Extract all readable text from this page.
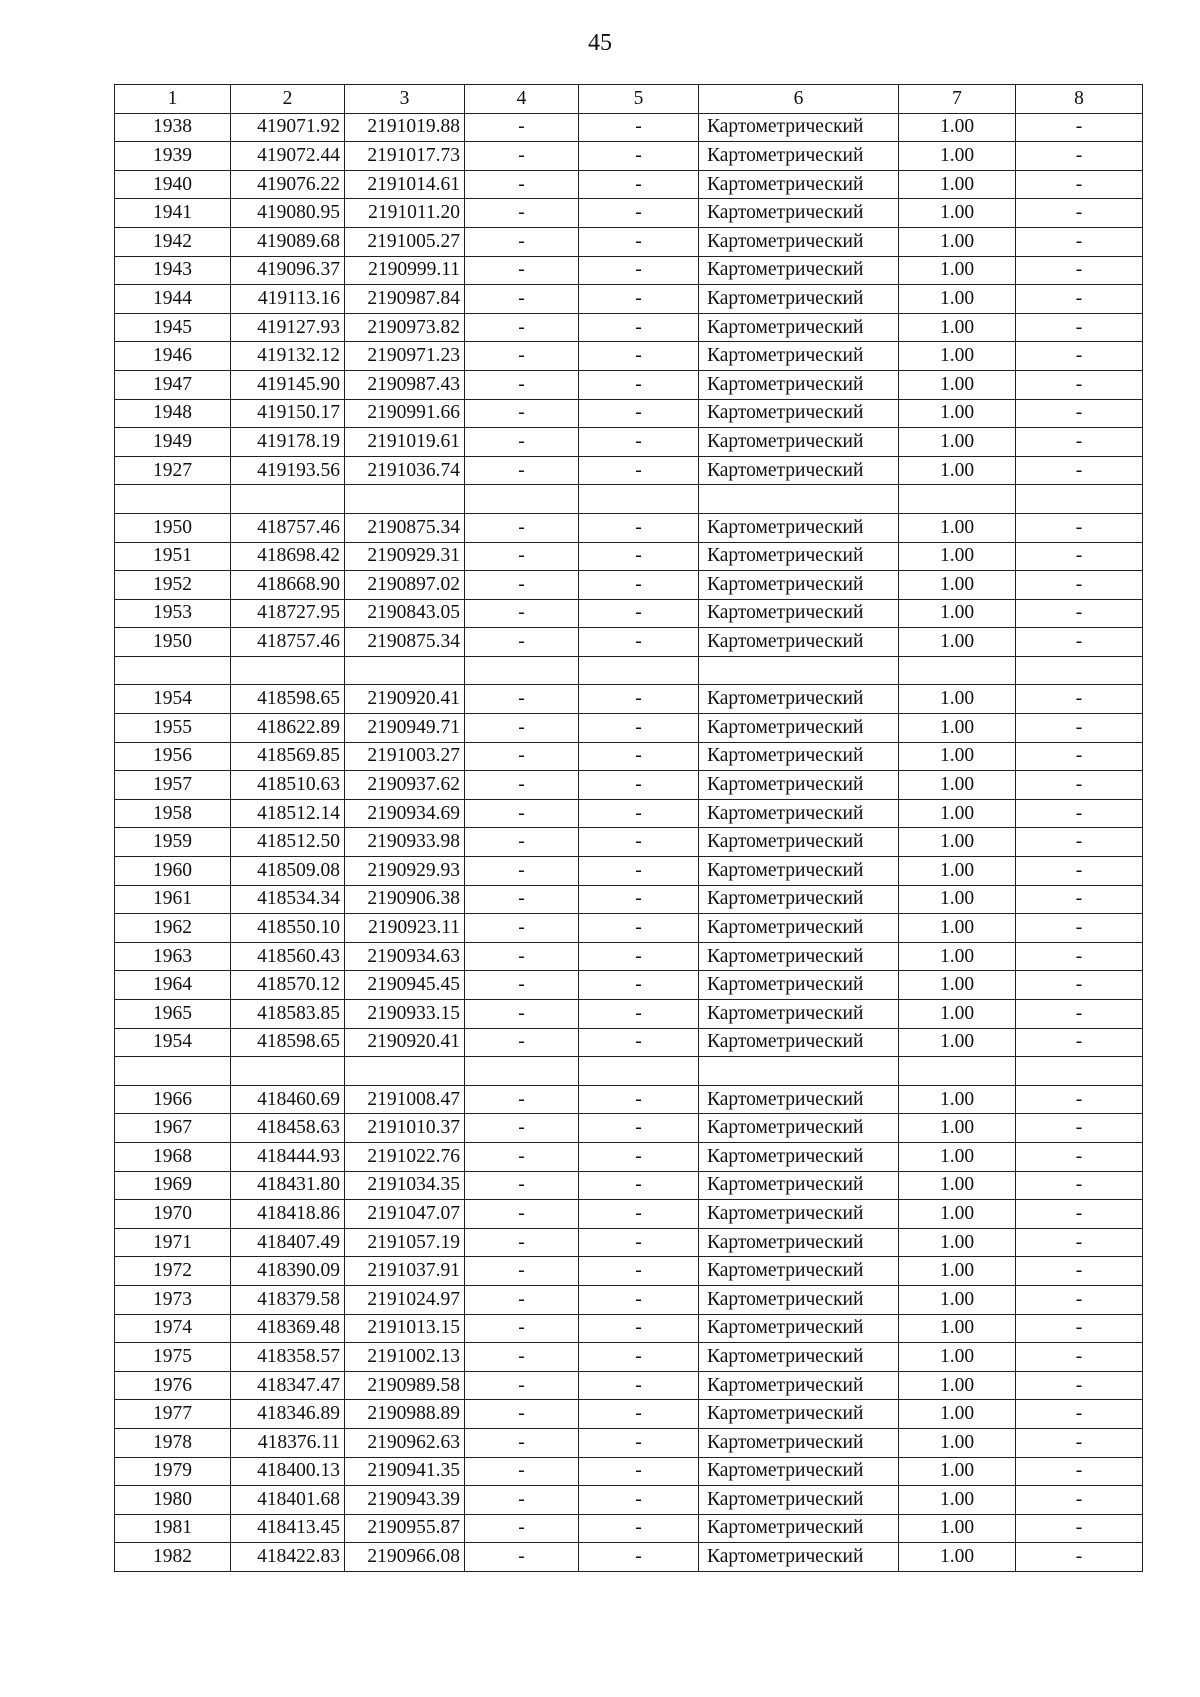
45
1	2	3	4	5	6	7	8
1938	419071.92	2191019.88	-	-	Картометрический	1.00	-
1939	419072.44	2191017.73	-	-	Картометрический	1.00	-
1940	419076.22	2191014.61	-	-	Картометрический	1.00	-
1941	419080.95	2191011.20	-	-	Картометрический	1.00	-
1942	419089.68	2191005.27	-	-	Картометрический	1.00	-
1943	419096.37	2190999.11	-	-	Картометрический	1.00	-
1944	419113.16	2190987.84	-	-	Картометрический	1.00	-
1945	419127.93	2190973.82	-	-	Картометрический	1.00	-
1946	419132.12	2190971.23	-	-	Картометрический	1.00	-
1947	419145.90	2190987.43	-	-	Картометрический	1.00	-
1948	419150.17	2190991.66	-	-	Картометрический	1.00	-
1949	419178.19	2191019.61	-	-	Картометрический	1.00	-
1927	419193.56	2191036.74	-	-	Картометрический	1.00	-

1950	418757.46	2190875.34	-	-	Картометрический	1.00	-
1951	418698.42	2190929.31	-	-	Картометрический	1.00	-
1952	418668.90	2190897.02	-	-	Картометрический	1.00	-
1953	418727.95	2190843.05	-	-	Картометрический	1.00	-
1950	418757.46	2190875.34	-	-	Картометрический	1.00	-

1954	418598.65	2190920.41	-	-	Картометрический	1.00	-
1955	418622.89	2190949.71	-	-	Картометрический	1.00	-
1956	418569.85	2191003.27	-	-	Картометрический	1.00	-
1957	418510.63	2190937.62	-	-	Картометрический	1.00	-
1958	418512.14	2190934.69	-	-	Картометрический	1.00	-
1959	418512.50	2190933.98	-	-	Картометрический	1.00	-
1960	418509.08	2190929.93	-	-	Картометрический	1.00	-
1961	418534.34	2190906.38	-	-	Картометрический	1.00	-
1962	418550.10	2190923.11	-	-	Картометрический	1.00	-
1963	418560.43	2190934.63	-	-	Картометрический	1.00	-
1964	418570.12	2190945.45	-	-	Картометрический	1.00	-
1965	418583.85	2190933.15	-	-	Картометрический	1.00	-
1954	418598.65	2190920.41	-	-	Картометрический	1.00	-

1966	418460.69	2191008.47	-	-	Картометрический	1.00	-
1967	418458.63	2191010.37	-	-	Картометрический	1.00	-
1968	418444.93	2191022.76	-	-	Картометрический	1.00	-
1969	418431.80	2191034.35	-	-	Картометрический	1.00	-
1970	418418.86	2191047.07	-	-	Картометрический	1.00	-
1971	418407.49	2191057.19	-	-	Картометрический	1.00	-
1972	418390.09	2191037.91	-	-	Картометрический	1.00	-
1973	418379.58	2191024.97	-	-	Картометрический	1.00	-
1974	418369.48	2191013.15	-	-	Картометрический	1.00	-
1975	418358.57	2191002.13	-	-	Картометрический	1.00	-
1976	418347.47	2190989.58	-	-	Картометрический	1.00	-
1977	418346.89	2190988.89	-	-	Картометрический	1.00	-
1978	418376.11	2190962.63	-	-	Картометрический	1.00	-
1979	418400.13	2190941.35	-	-	Картометрический	1.00	-
1980	418401.68	2190943.39	-	-	Картометрический	1.00	-
1981	418413.45	2190955.87	-	-	Картометрический	1.00	-
1982	418422.83	2190966.08	-	-	Картометрический	1.00	-
